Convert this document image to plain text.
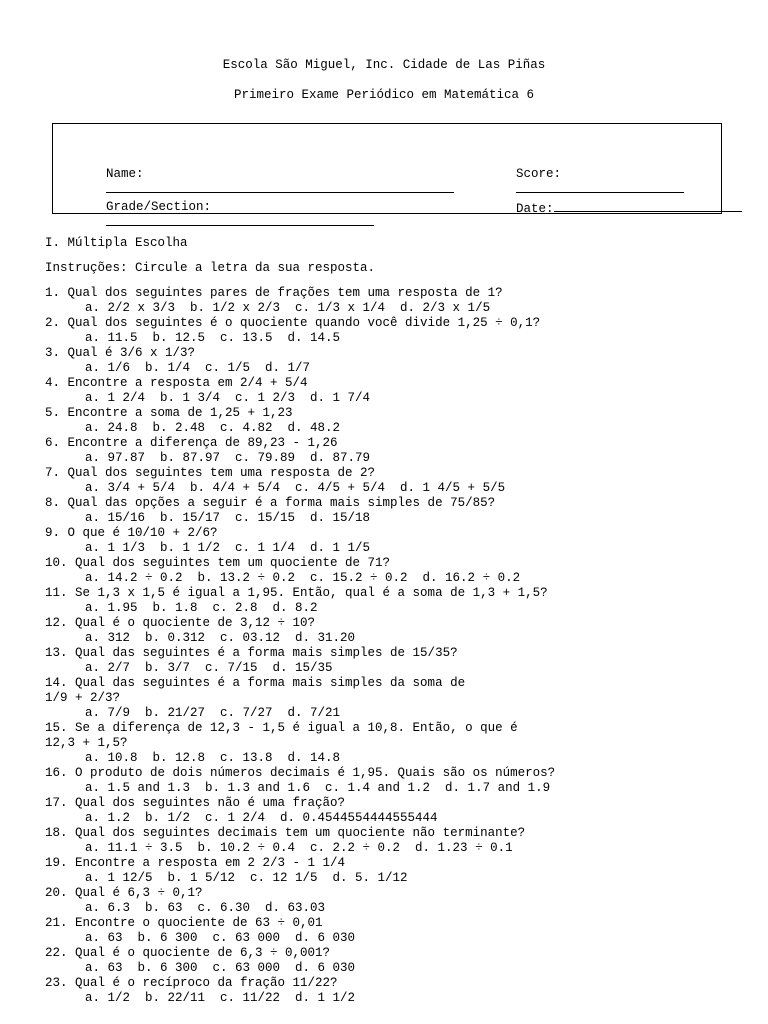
Escola São Miguel, Inc. Cidade de Las Piñas
Primeiro Exame Periódico em Matemática 6

Name:

	Score:

Grade/Section:

	Date:

I. Múltipla Escolha
Instruções: Circule a letra da sua resposta.
1. Qual dos seguintes pares de frações tem uma resposta de 1?
a. 2/2 x 3/3  b. 1/2 x 2/3  c. 1/3 x 1/4  d. 2/3 x 1/5
2. Qual dos seguintes é o quociente quando você divide 1,25 ÷ 0,1?
a. 11.5  b. 12.5  c. 13.5  d. 14.5
3. Qual é 3/6 x 1/3?
a. 1/6  b. 1/4  c. 1/5  d. 1/7
4. Encontre a resposta em 2/4 + 5/4
a. 1 2/4  b. 1 3/4  c. 1 2/3  d. 1 7/4
5. Encontre a soma de 1,25 + 1,23
a. 24.8  b. 2.48  c. 4.82  d. 48.2
6. Encontre a diferença de 89,23 - 1,26
a. 97.87  b. 87.97  c. 79.89  d. 87.79
7. Qual dos seguintes tem uma resposta de 2?
a. 3/4 + 5/4  b. 4/4 + 5/4  c. 4/5 + 5/4  d. 1 4/5 + 5/5
8. Qual das opções a seguir é a forma mais simples de 75/85?
a. 15/16  b. 15/17  c. 15/15  d. 15/18
9. O que é 10/10 + 2/6?
a. 1 1/3  b. 1 1/2  c. 1 1/4  d. 1 1/5
10. Qual dos seguintes tem um quociente de 71?
a. 14.2 ÷ 0.2  b. 13.2 ÷ 0.2  c. 15.2 ÷ 0.2  d. 16.2 ÷ 0.2
11. Se 1,3 x 1,5 é igual a 1,95. Então, qual é a soma de 1,3 + 1,5?
a. 1.95  b. 1.8  c. 2.8  d. 8.2
12. Qual é o quociente de 3,12 ÷ 10?
a. 312  b. 0.312  c. 03.12  d. 31.20
13. Qual das seguintes é a forma mais simples de 15/35?
a. 2/7  b. 3/7  c. 7/15  d. 15/35
14. Qual das seguintes é a forma mais simples da soma de
1/9 + 2/3?
a. 7/9  b. 21/27  c. 7/27  d. 7/21
15. Se a diferença de 12,3 - 1,5 é igual a 10,8. Então, o que é
12,3 + 1,5?
a. 10.8  b. 12.8  c. 13.8  d. 14.8
16. O produto de dois números decimais é 1,95. Quais são os números?
a. 1.5 and 1.3  b. 1.3 and 1.6  c. 1.4 and 1.2  d. 1.7 and 1.9
17. Qual dos seguintes não é uma fração?
a. 1.2  b. 1/2  c. 1 2/4  d. 0.4544554444555444
18. Qual dos seguintes decimais tem um quociente não terminante?
a. 11.1 ÷ 3.5  b. 10.2 ÷ 0.4  c. 2.2 ÷ 0.2  d. 1.23 ÷ 0.1
19. Encontre a resposta em 2 2/3 - 1 1/4
a. 1 12/5  b. 1 5/12  c. 12 1/5  d. 5. 1/12
20. Qual é 6,3 ÷ 0,1?
a. 6.3  b. 63  c. 6.30  d. 63.03
21. Encontre o quociente de 63 ÷ 0,01
a. 63  b. 6 300  c. 63 000  d. 6 030
22. Qual é o quociente de 6,3 ÷ 0,001?
a. 63  b. 6 300  c. 63 000  d. 6 030
23. Qual é o recíproco da fração 11/22?
a. 1/2  b. 22/11  c. 11/22  d. 1 1/2
